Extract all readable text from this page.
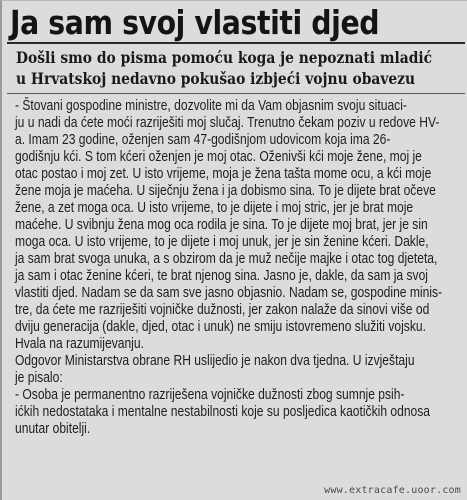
Ja sam svoj vlastiti djed
Došli smo do pisma pomoću koga je nepoznati mladić
u Hrvatskoj nedavno pokušao izbjeći vojnu obavezu

- Štovani gospodine ministre, dozvolite mi da Vam objasnim svoju situaci-
ju u nadi da ćete moći razriješiti moj slučaj. Trenutno čekam poziv u redove HV-
a. Imam 23 godine, oženjen sam 47-godišnjom udovicom koja ima 26-
godišnju kći. S tom kćeri oženjen je moj otac. Oženivši kći moje žene, moj je
otac postao i moj zet. U isto vrijeme, moja je žena tašta mome ocu, a kći moje
žene moja je maćeha. U siječnju žena i ja dobismo sina. To je dijete brat očeve
žene, a zet moga oca. U isto vrijeme, to je dijete i moj stric, jer je brat moje
maćehe. U svibnju žena mog oca rodila je sina. To je dijete moj brat, jer je sin
moga oca. U isto vrijeme, to je dijete i moj unuk, jer je sin ženine kćeri. Dakle,
ja sam brat svoga unuka, a s obzirom da je muž nečije majke i otac tog djeteta,
ja sam i otac ženine kćeri, te brat njenog sina. Jasno je, dakle, da sam ja svoj
vlastiti djed. Nadam se da sam sve jasno objasnio. Nadam se, gospodine minis-
tre, da ćete me razriješiti vojničke dužnosti, jer zakon nalaže da sinovi više od
dviju generacija (dakle, djed, otac i unuk) ne smiju istovremeno služiti vojsku.

Hvala na razumijevanju.

Odgovor Ministarstva obrane RH uslijedio je nakon dva tjedna. U izvještaju
je pisalo:

- Osoba je permanentno razriješena vojničke dužnosti zbog sumnje psih-
ićkih nedostataka i mentalne nestabilnosti koje su posljedica kaotičkih odnosa
unutar obitelji.

www.extracafe.uoor.com
